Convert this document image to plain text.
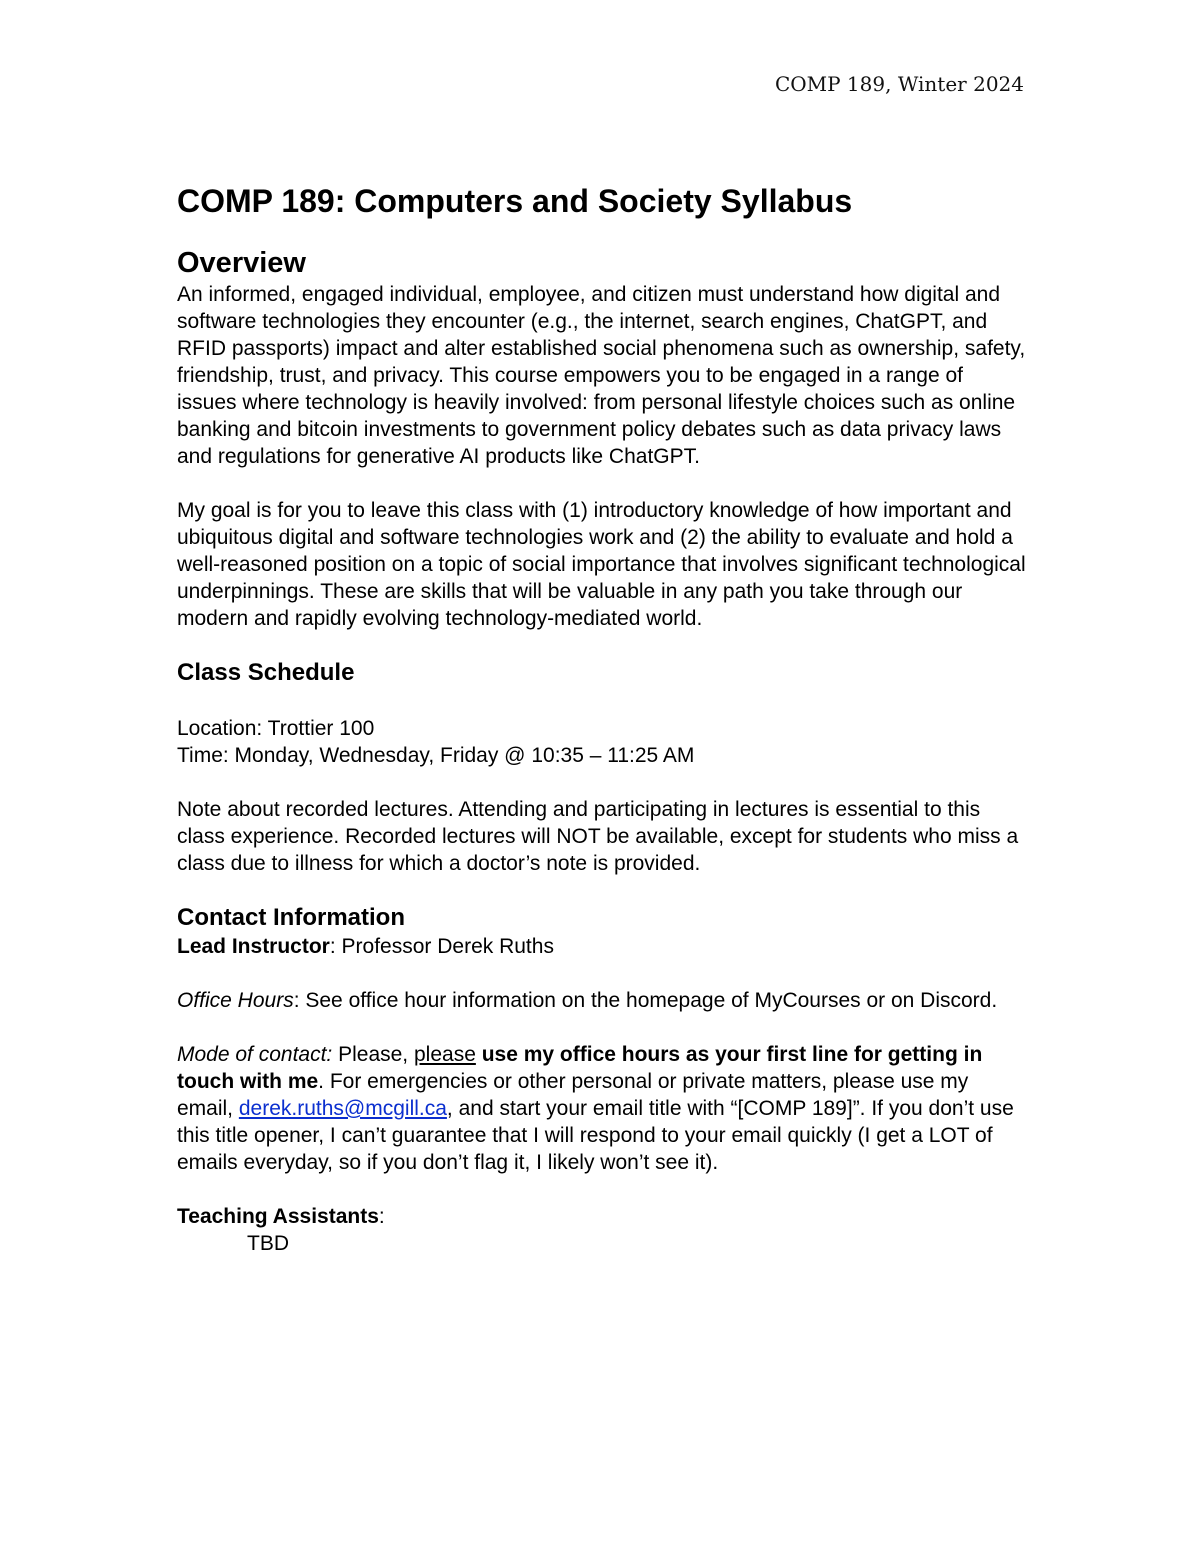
COMP 189, Winter 2024
COMP 189: Computers and Society Syllabus
Overview

An informed, engaged individual, employee, and citizen must understand how digital and software technologies they encounter (e.g., the internet, search engines, ChatGPT, and RFID passports) impact and alter established social phenomena such as ownership, safety, friendship, trust, and privacy. This course empowers you to be engaged in a range of issues where technology is heavily involved: from personal lifestyle choices such as online banking and bitcoin investments to government policy debates such as data privacy laws and regulations for generative AI products like ChatGPT.

My goal is for you to leave this class with (1) introductory knowledge of how important and ubiquitous digital and software technologies work and (2) the ability to evaluate and hold a well-reasoned position on a topic of social importance that involves significant technological underpinnings. These are skills that will be valuable in any path you take through our modern and rapidly evolving technology-mediated world.

Class Schedule

Location: Trottier 100

Time: Monday, Wednesday, Friday @ 10:35 – 11:25 AM

Note about recorded lectures. Attending and participating in lectures is essential to this class experience. Recorded lectures will NOT be available, except for students who miss a class due to illness for which a doctor’s note is provided.

Contact Information

Lead Instructor: Professor Derek Ruths

Office Hours: See office hour information on the homepage of MyCourses or on Discord.

Mode of contact: Please, please use my office hours as your first line for getting in touch with me. For emergencies or other personal or private matters, please use my email, derek.ruths@mcgill.ca, and start your email title with “[COMP 189]”. If you don’t use this title opener, I can’t guarantee that I will respond to your email quickly (I get a LOT of emails everyday, so if you don’t flag it, I likely won’t see it).

Teaching Assistants:

TBD
